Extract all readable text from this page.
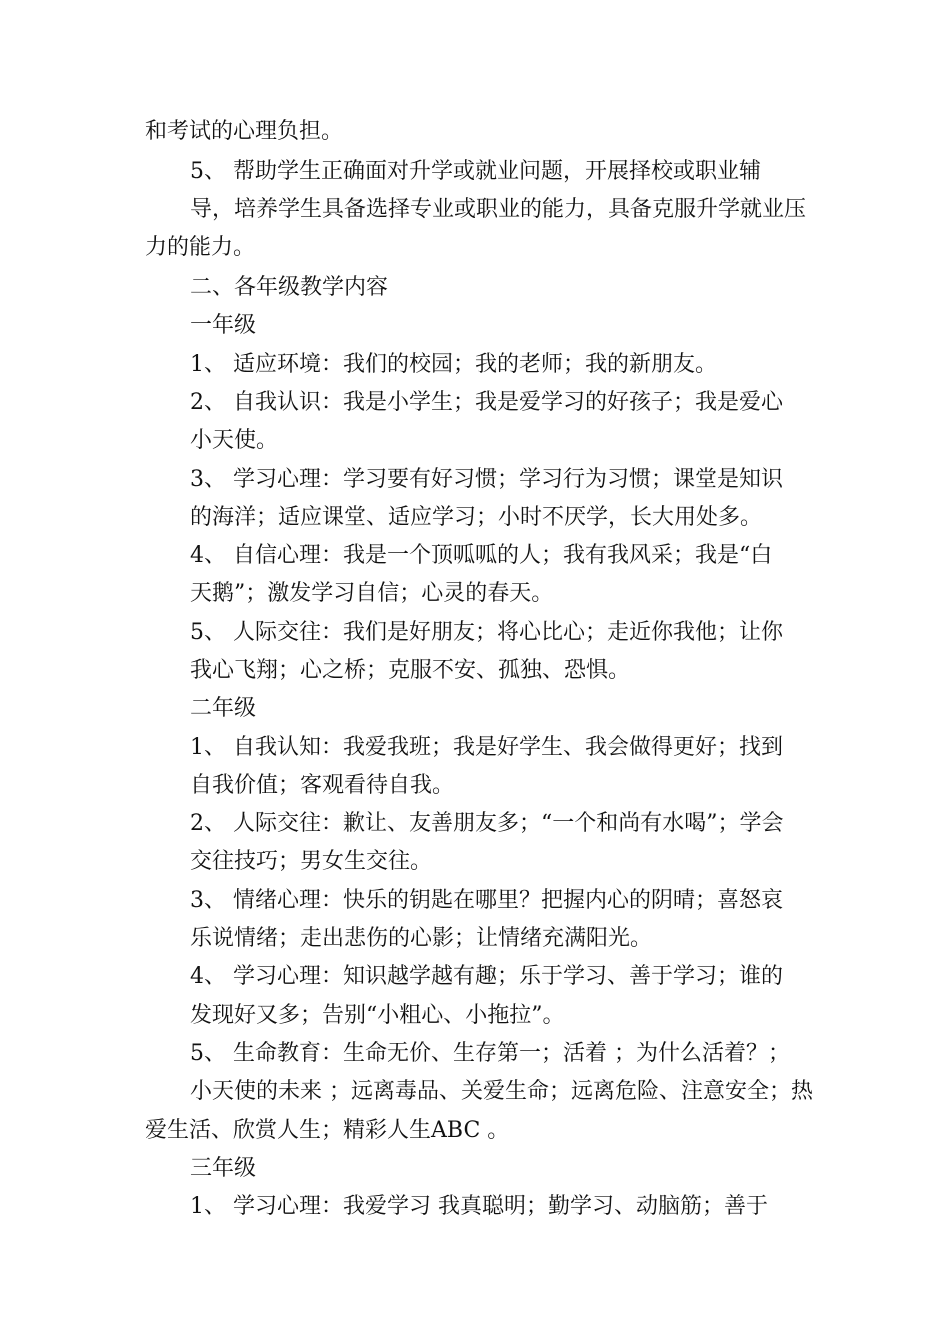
和考试的心理负担。
5、 帮助学生正确面对升学或就业问题，开展择校或职业辅
导，培养学生具备选择专业或职业的能力，具备克服升学就业压
力的能力。
二、各年级教学内容
一年级
1、 适应环境：我们的校园；我的老师；我的新朋友。
2、 自我认识：我是小学生；我是爱学习的好孩子；我是爱心
小天使。
3、 学习心理：学习要有好习惯；学习行为习惯；课堂是知识
的海洋；适应课堂、适应学习；小时不厌学，长大用处多。
4、 自信心理：我是一个顶呱呱的人；我有我风采；我是“白
天鹅”；激发学习自信；心灵的春天。
5、 人际交往：我们是好朋友；将心比心；走近你我他；让你
我心飞翔；心之桥；克服不安、孤独、恐惧。
二年级
1、 自我认知：我爱我班；我是好学生、我会做得更好；找到
自我价值；客观看待自我。
2、 人际交往：歉让、友善朋友多；“一个和尚有水喝”；学会
交往技巧；男女生交往。
3、 情绪心理：快乐的钥匙在哪里？把握内心的阴晴；喜怒哀
乐说情绪；走出悲伤的心影；让情绪充满阳光。
4、 学习心理：知识越学越有趣；乐于学习、善于学习；谁的
发现好又多；告别“小粗心、小拖拉”。
5、 生命教育：生命无价、生存第一；活着 ；为什么活着？；
小天使的未来 ；远离毒品、关爱生命；远离危险、注意安全；热
爱生活、欣赏人生；精彩人生ABC 。
三年级
1、 学习心理：我爱学习 我真聪明；勤学习、动脑筋；善于
